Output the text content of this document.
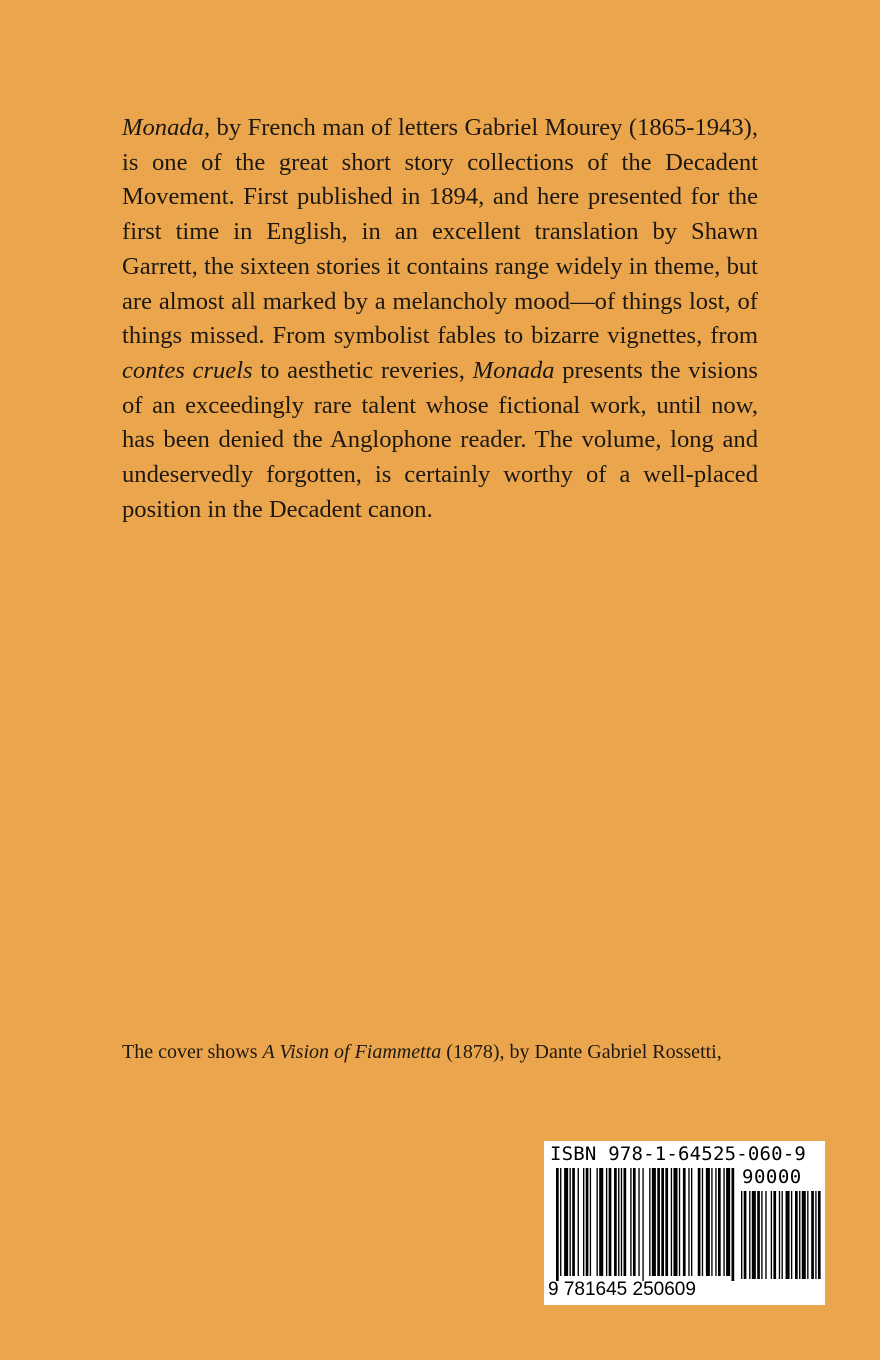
Monada, by French man of letters Gabriel Mourey (1865-1943), is one of the great short story collections of the Decadent Movement. First published in 1894, and here presented for the first time in English, in an excellent translation by Shawn Garrett, the sixteen stories it contains range widely in theme, but are almost all marked by a melancholy mood—of things lost, of things missed. From symbolist fables to bizarre vignettes, from contes cruels to aesthetic reveries, Monada presents the visions of an exceedingly rare talent whose fictional work, until now, has been denied the Anglophone reader. The volume, long and undeservedly forgotten, is certainly worthy of a well-placed position in the Decadent canon.

The cover shows A Vision of Fiammetta (1878), by Dante Gabriel Rossetti,

ISBN 978-1-64525-060-9
90000
9 781645 250609
